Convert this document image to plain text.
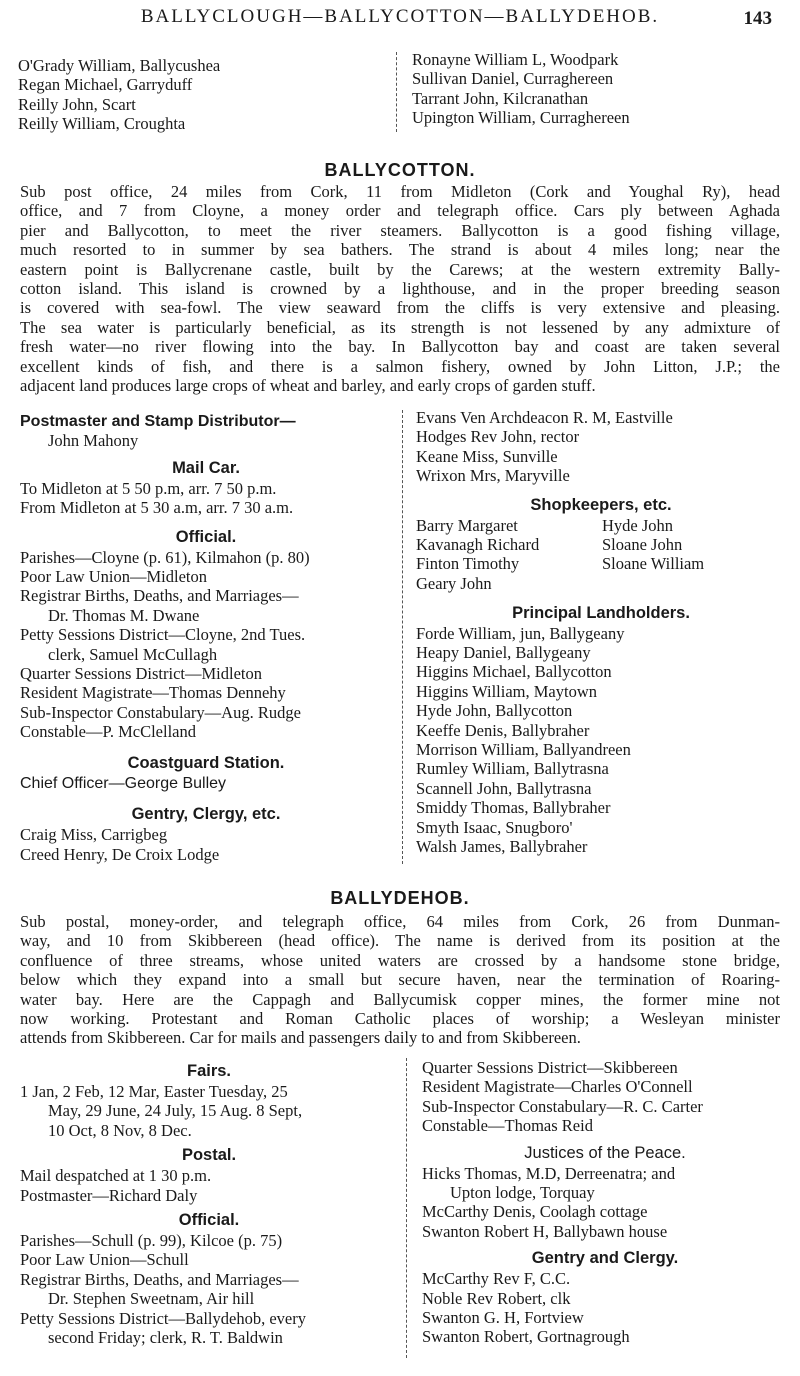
BALLYCLOUGH—BALLYCOTTON—BALLYDEHOB.	143
O'Grady William, Ballycushea
Regan Michael, Garryduff
Reilly John, Scart
Reilly William, Croughta
Ronayne William L, Woodpark
Sullivan Daniel, Curraghereen
Tarrant John, Kilcranathan
Upington William, Curraghereen
BALLYCOTTON.
Sub post office, 24 miles from Cork, 11 from Midleton (Cork and Youghal Ry), head
office, and 7 from Cloyne, a money order and telegraph office. Cars ply between Aghada
pier and Ballycotton, to meet the river steamers. Ballycotton is a good fishing village,
much resorted to in summer by sea bathers. The strand is about 4 miles long; near the
eastern point is Ballycrenane castle, built by the Carews; at the western extremity Bally-
cotton island. This island is crowned by a lighthouse, and in the proper breeding season
is covered with sea-fowl. The view seaward from the cliffs is very extensive and pleasing.
The sea water is particularly beneficial, as its strength is not lessened by any admixture of
fresh water—no river flowing into the bay. In Ballycotton bay and coast are taken several
excellent kinds of fish, and there is a salmon fishery, owned by John Litton, J.P.; the
adjacent land produces large crops of wheat and barley, and early crops of garden stuff.
Postmaster and Stamp Distributor—
John Mahony
Mail Car.
To Midleton at 5 50 p.m, arr. 7 50 p.m.
From Midleton at 5 30 a.m, arr. 7 30 a.m.
Official.
Parishes—Cloyne (p. 61), Kilmahon (p. 80)
Poor Law Union—Midleton
Registrar Births, Deaths, and Marriages—
Dr. Thomas M. Dwane
Petty Sessions District—Cloyne, 2nd Tues.
clerk, Samuel McCullagh
Quarter Sessions District—Midleton
Resident Magistrate—Thomas Dennehy
Sub-Inspector Constabulary—Aug. Rudge
Constable—P. McClelland
Coastguard Station.
Chief Officer—George Bulley
Gentry, Clergy, etc.
Craig Miss, Carrigbeg
Creed Henry, De Croix Lodge
Evans Ven Archdeacon R. M, Eastville
Hodges Rev John, rector
Keane Miss, Sunville
Wrixon Mrs, Maryville
Shopkeepers, etc.
Barry Margaret
Kavanagh Richard
Finton Timothy
Geary John
Hyde John
Sloane John
Sloane William
Principal Landholders.
Forde William, jun, Ballygeany
Heapy Daniel, Ballygeany
Higgins Michael, Ballycotton
Higgins William, Maytown
Hyde John, Ballycotton
Keeffe Denis, Ballybraher
Morrison William, Ballyandreen
Rumley William, Ballytrasna
Scannell John, Ballytrasna
Smiddy Thomas, Ballybraher
Smyth Isaac, Snugboro'
Walsh James, Ballybraher
BALLYDEHOB.
Sub postal, money-order, and telegraph office, 64 miles from Cork, 26 from Dunman-
way, and 10 from Skibbereen (head office). The name is derived from its position at the
confluence of three streams, whose united waters are crossed by a handsome stone bridge,
below which they expand into a small but secure haven, near the termination of Roaring-
water bay. Here are the Cappagh and Ballycumisk copper mines, the former mine not
now working. Protestant and Roman Catholic places of worship; a Wesleyan minister
attends from Skibbereen. Car for mails and passengers daily to and from Skibbereen.
Fairs.
1 Jan, 2 Feb, 12 Mar, Easter Tuesday, 25
May, 29 June, 24 July, 15 Aug. 8 Sept,
10 Oct, 8 Nov, 8 Dec.
Postal.
Mail despatched at 1 30 p.m.
Postmaster—Richard Daly
Official.
Parishes—Schull (p. 99), Kilcoe (p. 75)
Poor Law Union—Schull
Registrar Births, Deaths, and Marriages—
Dr. Stephen Sweetnam, Air hill
Petty Sessions District—Ballydehob, every
second Friday; clerk, R. T. Baldwin
Quarter Sessions District—Skibbereen
Resident Magistrate—Charles O'Connell
Sub-Inspector Constabulary—R. C. Carter
Constable—Thomas Reid
Justices of the Peace.
Hicks Thomas, M.D, Derreenatra; and
Upton lodge, Torquay
McCarthy Denis, Coolagh cottage
Swanton Robert H, Ballybawn house
Gentry and Clergy.
McCarthy Rev F, C.C.
Noble Rev Robert, clk
Swanton G. H, Fortview
Swanton Robert, Gortnagrough
